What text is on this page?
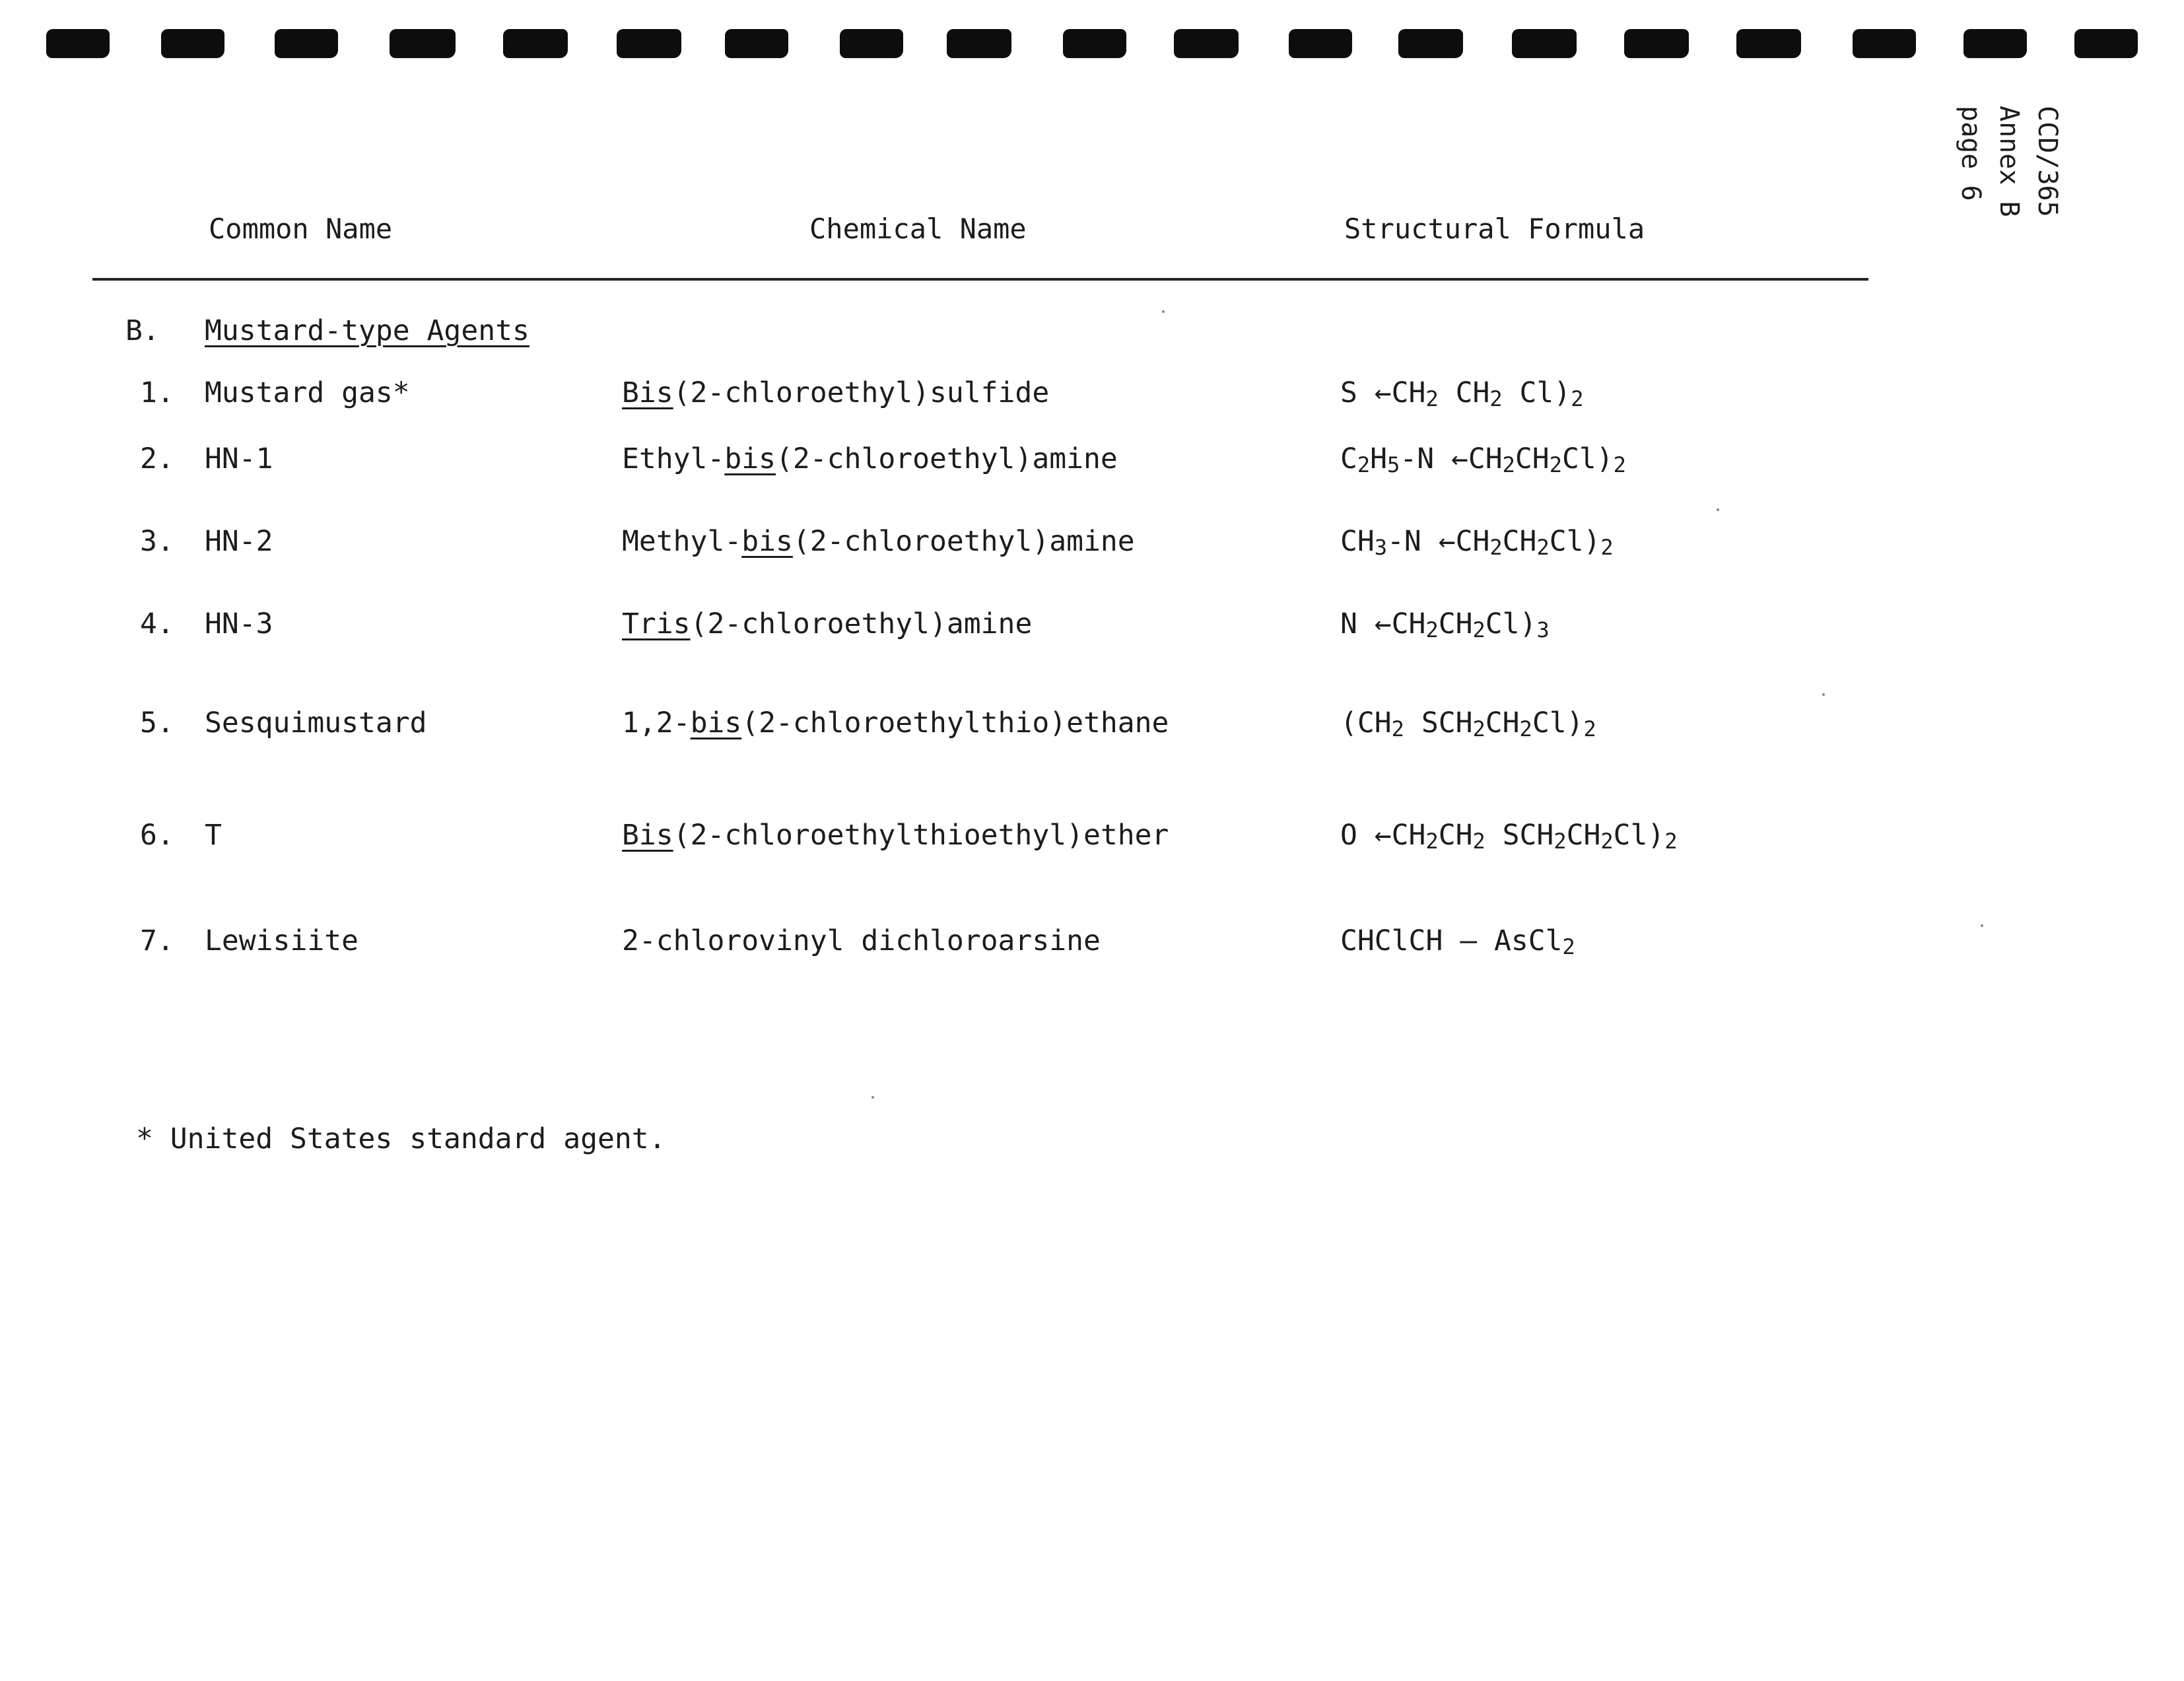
CCD/365
Annex B
page 6
Common Name	Chemical Name	Structural Formula
B. Mustard-type Agents
1. Mustard gas*	Bis(2-chloroethyl)sulfide	S $\leftarrow CH_2$ $CH_2$ $Cl)_2$
2. HN-1	Ethyl-bis(2-chloroethyl)amine	$C_2H_5-N$ $\leftarrow CH_2CH_2Cl)_2$
3. HN-2	Methyl-bis(2-chloroethyl)amine	$CH_3-N$ $\leftarrow CH_2CH_2Cl)_2$
4. HN-3	Tris(2-chloroethyl)amine	N $\leftarrow CH_2CH_2Cl)_3$
5. Sesquimustard	1,2-bis(2-chloroethylthio)ethane	($CH_2$ $SCH_2CH_2Cl)_2$
6. T	Bis(2-chloroethylthioethyl)ether	O $\leftarrow CH_2CH_2$ $SCH_2CH_2Cl)_2$
7. Lewisiite	2-chlorovinyl dichloroarsine	CHClCH — AsCl$_2$
* United States standard agent.
